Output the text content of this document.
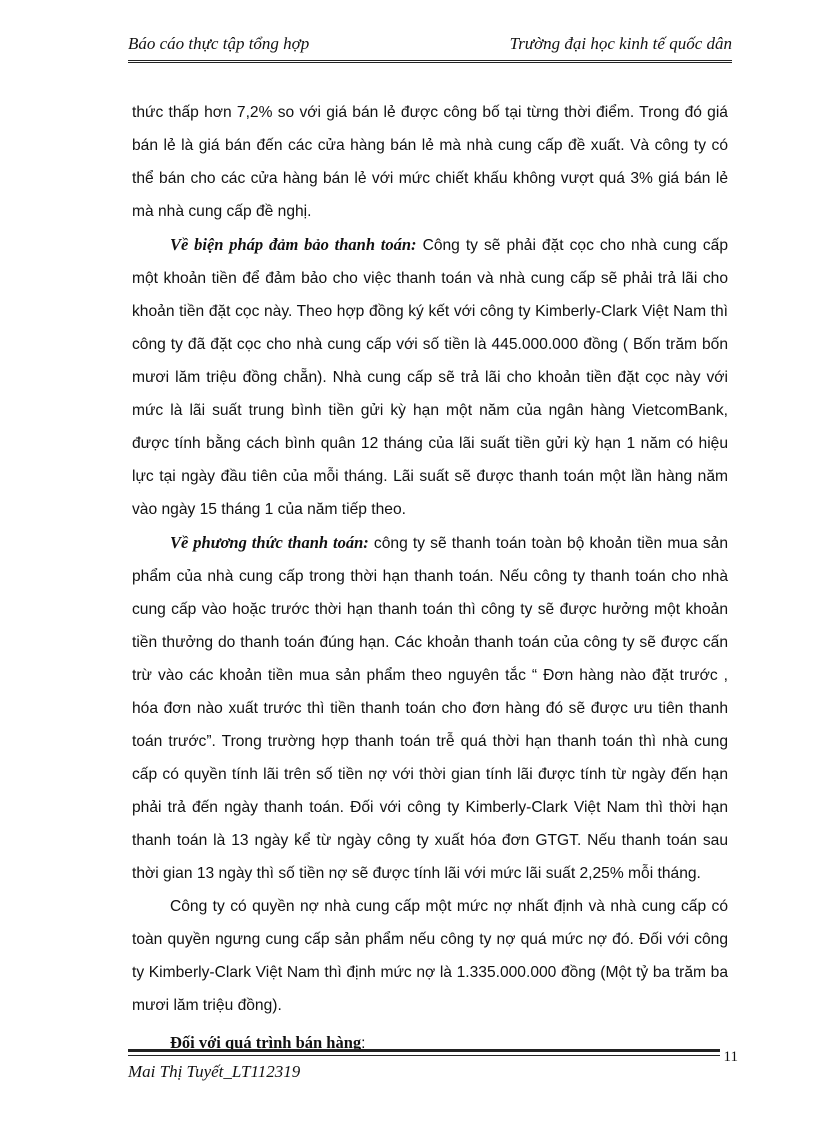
Báo cáo thực tập tổng hợp	Trường đại học kinh tế quốc dân

thức thấp hơn 7,2% so với giá bán lẻ được công bố tại từng thời điểm. Trong đó giá bán lẻ là giá bán đến các cửa hàng bán lẻ mà nhà cung cấp đề xuất. Và công ty có thể bán cho các cửa hàng bán lẻ với mức chiết khấu không vượt quá 3% giá bán lẻ mà nhà cung cấp đề nghị.

Về biện pháp đảm bảo thanh toán: Công ty sẽ phải đặt cọc cho nhà cung cấp một khoản tiền để đảm bảo cho việc thanh toán và nhà cung cấp sẽ phải trả lãi cho khoản tiền đặt cọc này. Theo hợp đồng ký kết với công ty Kimberly-Clark Việt Nam thì công ty đã đặt cọc cho nhà cung cấp với số tiền là 445.000.000 đồng ( Bốn trăm bốn mươi lăm triệu đồng chẵn). Nhà cung cấp sẽ trả lãi cho khoản tiền đặt cọc này với mức là lãi suất trung bình tiền gửi kỳ hạn một năm của ngân hàng VietcomBank, được tính bằng cách bình quân 12 tháng của lãi suất tiền gửi kỳ hạn 1 năm có hiệu lực tại ngày đầu tiên của mỗi tháng. Lãi suất sẽ được thanh toán một lần hàng năm vào ngày 15 tháng 1 của năm tiếp theo.

Về phương thức thanh toán: công ty sẽ thanh toán toàn bộ khoản tiền mua sản phẩm của nhà cung cấp trong thời hạn thanh toán. Nếu công ty thanh toán cho nhà cung cấp vào hoặc trước thời hạn thanh toán thì công ty sẽ được hưởng một khoản tiền thưởng do thanh toán đúng hạn. Các khoản thanh toán của công ty sẽ được cấn trừ vào các khoản tiền mua sản phẩm theo nguyên tắc “ Đơn hàng nào đặt trước , hóa đơn nào xuất trước thì tiền thanh toán cho đơn hàng đó sẽ được ưu tiên thanh toán trước”. Trong trường hợp thanh toán trễ quá thời hạn thanh toán thì nhà cung cấp có quyền tính lãi trên số tiền nợ với thời gian tính lãi được tính từ ngày đến hạn phải trả đến ngày thanh toán. Đối với công ty Kimberly-Clark Việt Nam thì thời hạn thanh toán là 13 ngày kể từ ngày công ty xuất hóa đơn GTGT. Nếu thanh toán sau thời gian 13 ngày thì số tiền nợ sẽ được tính lãi với mức lãi suất 2,25% mỗi tháng.

Công ty có quyền nợ nhà cung cấp một mức nợ nhất định và nhà cung cấp có toàn quyền ngưng cung cấp sản phẩm nếu công ty nợ quá mức nợ đó. Đối với công ty Kimberly-Clark Việt Nam thì định mức nợ là 1.335.000.000 đồng (Một tỷ ba trăm ba mươi lăm triệu đồng).

Đối với quá trình bán hàng:

Mai Thị Tuyết_LT112319
11
